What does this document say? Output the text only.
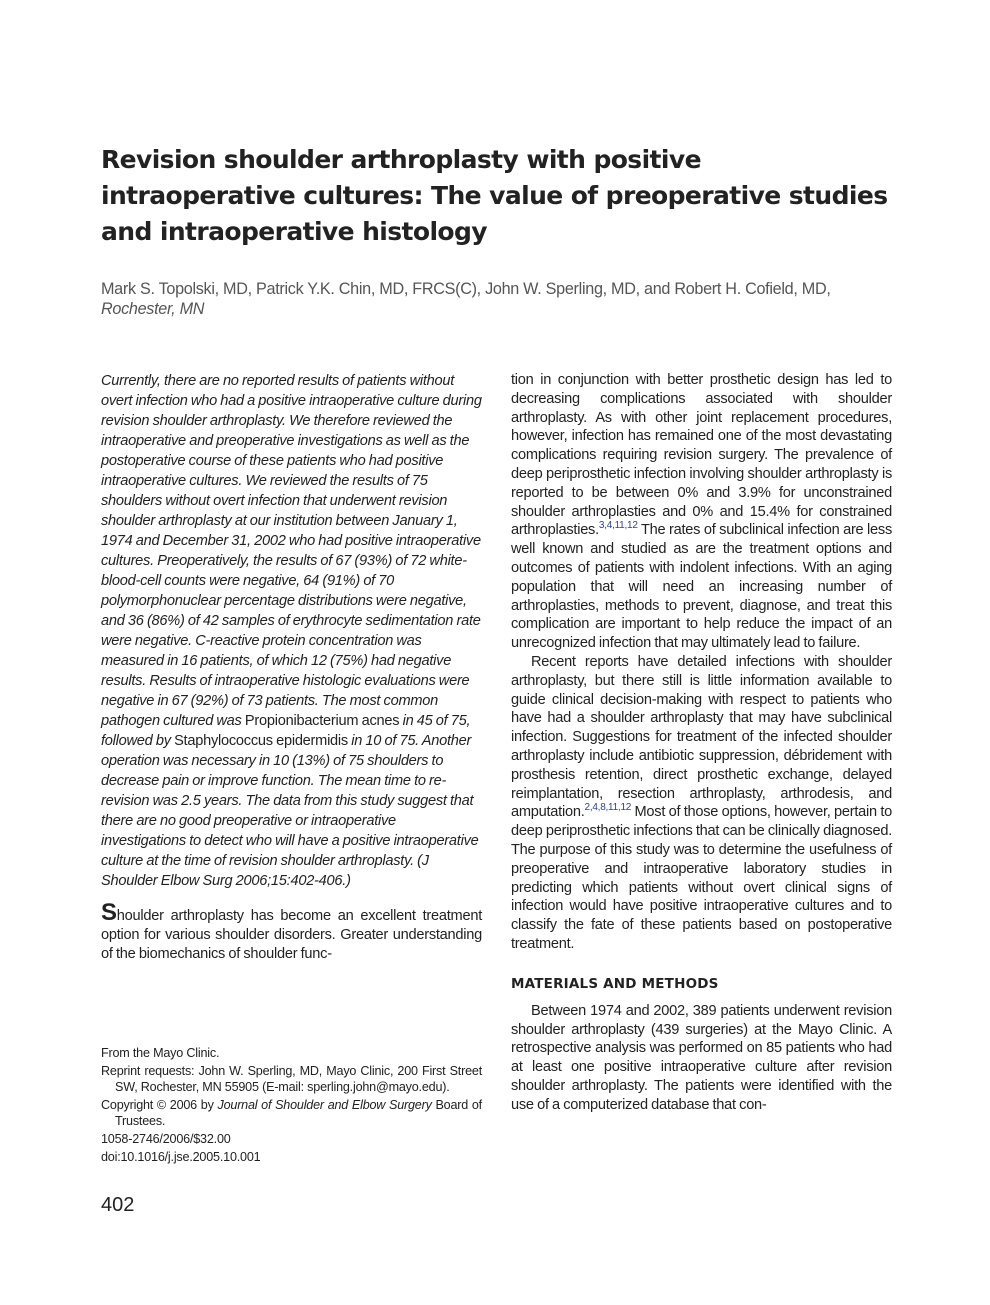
Revision shoulder arthroplasty with positive intraoperative cultures: The value of preoperative studies and intraoperative histology
Mark S. Topolski, MD, Patrick Y.K. Chin, MD, FRCS(C), John W. Sperling, MD, and Robert H. Cofield, MD,
Rochester, MN

Currently, there are no reported results of patients without overt infection who had a positive intraoperative culture during revision shoulder arthroplasty. We therefore reviewed the intraoperative and preoperative investigations as well as the postoperative course of these patients who had positive intraoperative cultures. We reviewed the results of 75 shoulders without overt infection that underwent revision shoulder arthroplasty at our institution between January 1, 1974 and December 31, 2002 who had positive intraoperative cultures. Preoperatively, the results of 67 (93%) of 72 white-blood-cell counts were negative, 64 (91%) of 70 polymorphonuclear percentage distributions were negative, and 36 (86%) of 42 samples of erythrocyte sedimentation rate were negative. C-reactive protein concentration was measured in 16 patients, of which 12 (75%) had negative results. Results of intraoperative histologic evaluations were negative in 67 (92%) of 73 patients. The most common pathogen cultured was Propionibacterium acnes in 45 of 75, followed by Staphylococcus epidermidis in 10 of 75. Another operation was necessary in 10 (13%) of 75 shoulders to decrease pain or improve function. The mean time to re-revision was 2.5 years. The data from this study suggest that there are no good preoperative or intraoperative investigations to detect who will have a positive intraoperative culture at the time of revision shoulder arthroplasty. (J Shoulder Elbow Surg 2006;15:402-406.)

Shoulder arthroplasty has become an excellent treatment option for various shoulder disorders. Greater understanding of the biomechanics of shoulder func-

tion in conjunction with better prosthetic design has led to decreasing complications associated with shoulder arthroplasty. As with other joint replacement procedures, however, infection has remained one of the most devastating complications requiring revision surgery. The prevalence of deep periprosthetic infection involving shoulder arthroplasty is reported to be between 0% and 3.9% for unconstrained shoulder arthroplasties and 0% and 15.4% for constrained arthroplasties.$^{3,4,11,12}$ The rates of subclinical infection are less well known and studied as are the treatment options and outcomes of patients with indolent infections. With an aging population that will need an increasing number of arthroplasties, methods to prevent, diagnose, and treat this complication are important to help reduce the impact of an unrecognized infection that may ultimately lead to failure.

Recent reports have detailed infections with shoulder arthroplasty, but there still is little information available to guide clinical decision-making with respect to patients who have had a shoulder arthroplasty that may have subclinical infection. Suggestions for treatment of the infected shoulder arthroplasty include antibiotic suppression, débridement with prosthesis retention, direct prosthetic exchange, delayed reimplantation, resection arthroplasty, arthrodesis, and amputation.$^{2,4,8,11,12}$ Most of those options, however, pertain to deep periprosthetic infections that can be clinically diagnosed. The purpose of this study was to determine the usefulness of preoperative and intraoperative laboratory studies in predicting which patients without overt clinical signs of infection would have positive intraoperative cultures and to classify the fate of these patients based on postoperative treatment.

MATERIALS AND METHODS

Between 1974 and 2002, 389 patients underwent revision shoulder arthroplasty (439 surgeries) at the Mayo Clinic. A retrospective analysis was performed on 85 patients who had at least one positive intraoperative culture after revision shoulder arthroplasty. The patients were identified with the use of a computerized database that con-

From the Mayo Clinic.

Reprint requests: John W. Sperling, MD, Mayo Clinic, 200 First Street SW, Rochester, MN 55905 (E-mail: sperling.john@mayo.edu).

Copyright © 2006 by Journal of Shoulder and Elbow Surgery Board of Trustees.

1058-2746/2006/$32.00

doi:10.1016/j.jse.2005.10.001

402
